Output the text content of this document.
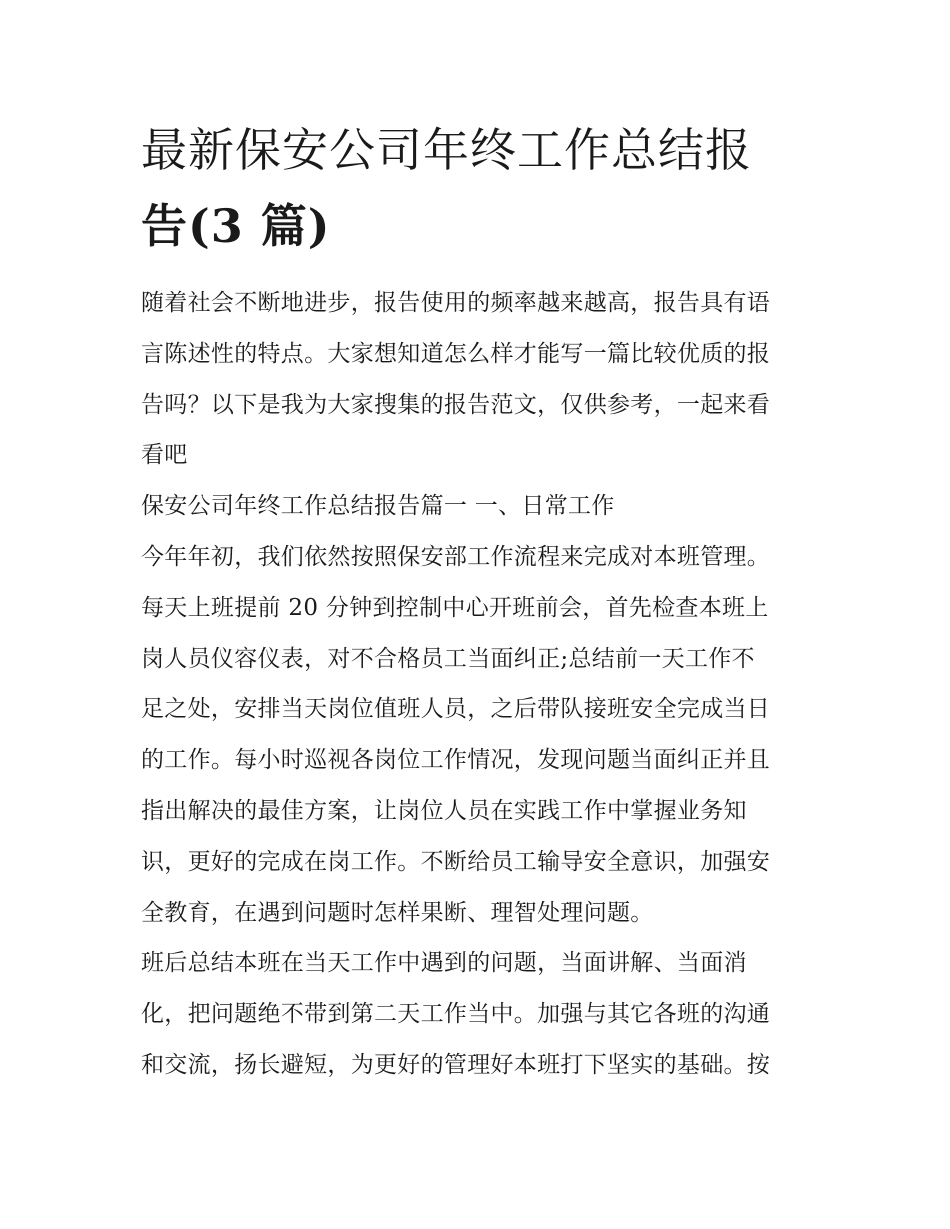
最新保安公司年终工作总结报
告(3 篇)
随着社会不断地进步，报告使用的频率越来越高，报告具有语
言陈述性的特点。大家想知道怎么样才能写一篇比较优质的报
告吗？以下是我为大家搜集的报告范文，仅供参考，一起来看
看吧
保安公司年终工作总结报告篇一 一、日常工作
今年年初，我们依然按照保安部工作流程来完成对本班管理。
每天上班提前 20 分钟到控制中心开班前会，首先检查本班上
岗人员仪容仪表，对不合格员工当面纠正;总结前一天工作不
足之处，安排当天岗位值班人员，之后带队接班安全完成当日
的工作。每小时巡视各岗位工作情况，发现问题当面纠正并且
指出解决的最佳方案，让岗位人员在实践工作中掌握业务知
识，更好的完成在岗工作。不断给员工输导安全意识，加强安
全教育，在遇到问题时怎样果断、理智处理问题。
班后总结本班在当天工作中遇到的问题，当面讲解、当面消
化，把问题绝不带到第二天工作当中。加强与其它各班的沟通
和交流，扬长避短，为更好的管理好本班打下坚实的基础。按
